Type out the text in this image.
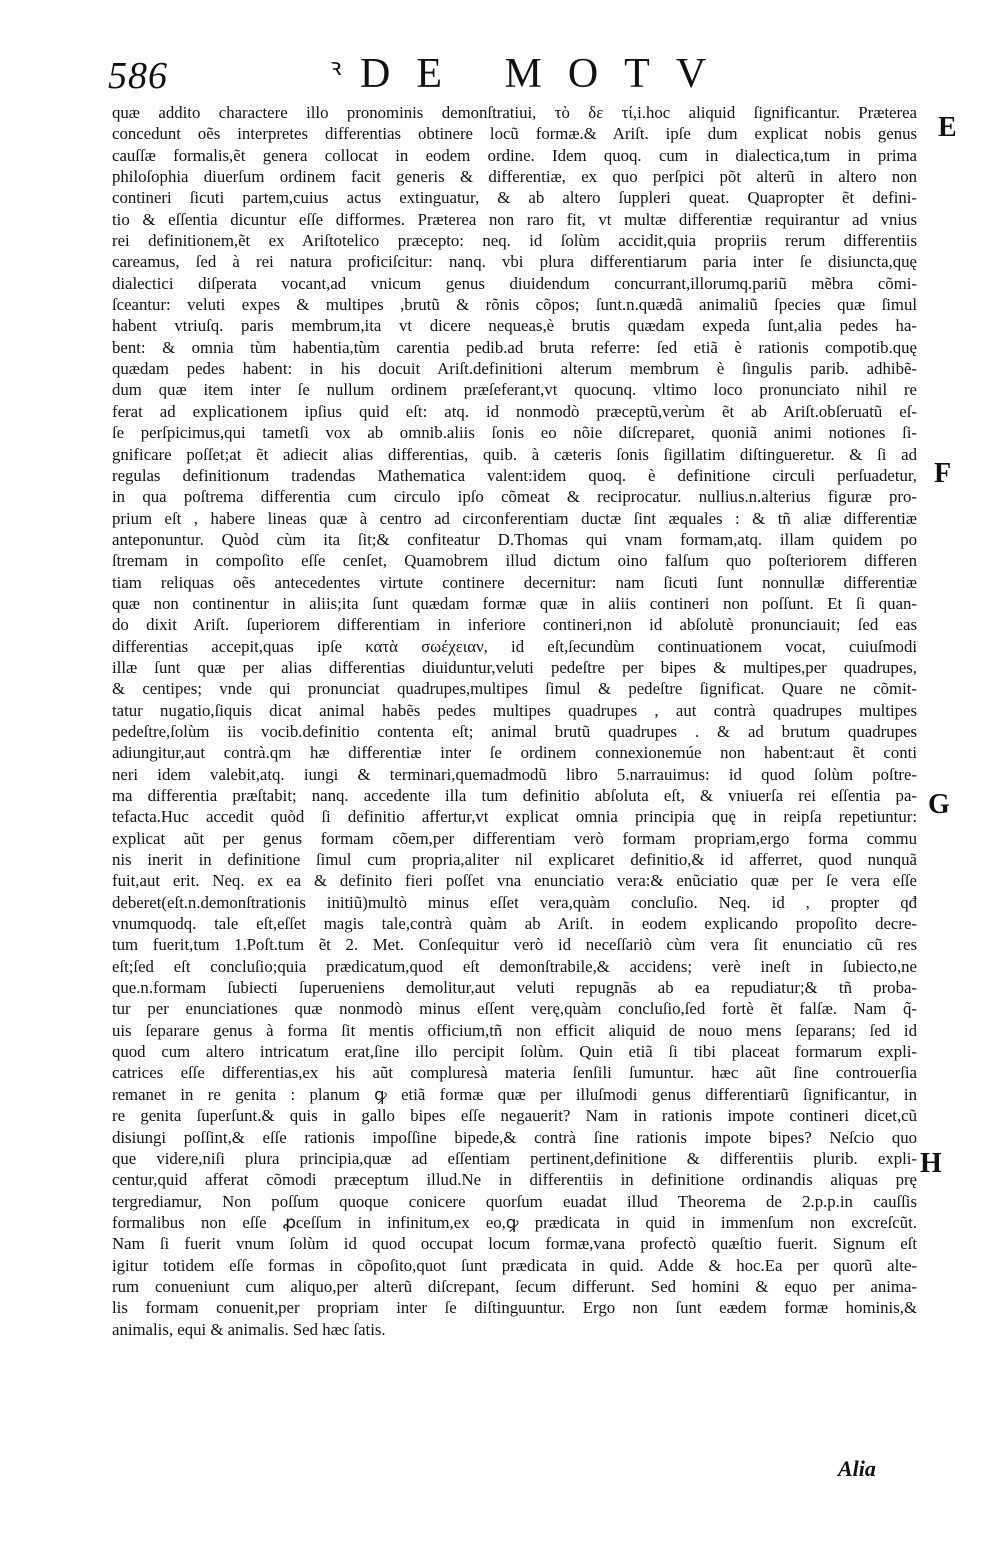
586	ꝛ DE MOTV
quæ addito charactere illo pronominis demonſtratiui, τὸ δε τί,i.hoc aliquid ſignificantur. Præterea
concedunt oẽs interpretes differentias obtinere locũ formæ.& Ariſt. ipſe dum explicat nobis genus
cauſſæ formalis,ẽt genera collocat in eodem ordine. Idem quoq. cum in dialectica,tum in prima
philoſophia diuerſum ordinem facit generis & differentiæ, ex quo perſpici põt alterũ in altero non
contineri ſicuti partem,cuius actus extinguatur, & ab altero ſuppleri queat. Quapropter ẽt defini-
tio & eſſentia dicuntur eſſe difformes. Præterea non raro fit, vt multæ differentiæ requirantur ad vnius
rei definitionem,ẽt ex Ariſtotelico præcepto: neq. id ſolùm accidit,quia propriis rerum differentiis
careamus, ſed à rei natura proficiſcitur: nanq. vbi plura differentiarum paria inter ſe disiuncta,quę
dialectici diſperata vocant,ad vnicum genus diuidendum concurrant,illorumq.pariũ mẽbra cõmi-
ſceantur: veluti expes & multipes ,brutũ & rõnis cõpos; ſunt.n.quædã animaliũ ſpecies quæ ſimul
habent vtriuſq. paris membrum,ita vt dicere nequeas,è brutis quædam expeda ſunt,alia pedes ha-
bent: & omnia tùm habentia,tùm carentia pedib.ad bruta referre: ſed etiã è rationis compotib.quę
quædam pedes habent: in his docuit Ariſt.definitioni alterum membrum è ſingulis parib. adhibẽ-
dum quæ item inter ſe nullum ordinem præſeferant,vt quocunq. vltimo loco pronunciato nihil re
ferat ad explicationem ipſius quid eſt: atq. id nonmodò præceptũ,verùm ẽt ab Ariſt.obſeruatũ eſ-
ſe perſpicimus,qui tametſi vox ab omnib.aliis ſonis eo nõie diſcreparet, quoniã animi notiones ſi-
gnificare poſſet;at ẽt adiecit alias differentias, quib. à cæteris ſonis ſigillatim diſtingueretur. & ſi ad
regulas definitionum tradendas Mathematica valent:idem quoq. è definitione circuli perſuadetur,
in qua poſtrema differentia cum circulo ipſo cõmeat & reciprocatur. nullius.n.alterius figuræ pro-
prium eſt , habere lineas quæ à centro ad circonferentiam ductæ ſint æquales : & tñ aliæ differentiæ
anteponuntur. Quòd cùm ita ſit;& confiteatur D.Thomas qui vnam formam,atq. illam quidem po
ſtremam in compoſito eſſe cenſet, Quamobrem illud dictum oino falſum quo poſteriorem differen
tiam reliquas oẽs antecedentes virtute continere decernitur: nam ſicuti ſunt nonnullæ differentiæ
quæ non continentur in aliis;ita ſunt quædam formæ quæ in aliis contineri non poſſunt. Et ſi quan-
do dixit Ariſt. ſuperiorem differentiam in inferiore contineri,non id abſolutè pronunciauit; ſed eas
differentias accepit,quas ipſe κατὰ σωέχειαν, id eſt,ſecundùm continuationem vocat, cuiuſmodi
illæ ſunt quæ per alias differentias diuiduntur,veluti pedeſtre per bipes & multipes,per quadrupes,
& centipes; vnde qui pronunciat quadrupes,multipes ſimul & pedeſtre ſignificat. Quare ne cõmit-
tatur nugatio,ſiquis dicat animal habẽs pedes multipes quadrupes , aut contrà quadrupes multipes
pedeſtre,ſolùm iis vocib.definitio contenta eſt; animal brutũ quadrupes . & ad brutum quadrupes
adiungitur,aut contrà.qm hæ differentiæ inter ſe ordinem connexionemúe non habent:aut ẽt conti
neri idem valebit,atq. iungi & terminari,quemadmodũ libro 5.narrauimus: id quod ſolùm poſtre-
ma differentia præſtabit; nanq. accedente illa tum definitio abſoluta eſt, & vniuerſa rei eſſentia pa-
tefacta.Huc accedit quòd ſi definitio affertur,vt explicat omnia principia quę in reipſa repetiuntur:
explicat aũt per genus formam cõem,per differentiam verò formam propriam,ergo forma commu
nis inerit in definitione ſimul cum propria,aliter nil explicaret definitio,& id afferret, quod nunquã
fuit,aut erit. Neq. ex ea & definito fieri poſſet vna enunciatio vera:& enũciatio quæ per ſe vera eſſe
deberet(eſt.n.demonſtrationis initiũ)multò minus eſſet vera,quàm concluſio. Neq. id , propter qđ
vnumquodq. tale eſt,eſſet magis tale,contrà quàm ab Ariſt. in eodem explicando propoſito decre-
tum fuerit,tum 1.Poſt.tum ẽt 2. Met. Conſequitur verò id neceſſariò cùm vera ſit enunciatio cũ res
eſt;ſed eſt concluſio;quia prædicatum,quod eſt demonſtrabile,& accidens; verè ineſt in ſubiecto,ne
que.n.formam ſubiecti ſuperueniens demolitur,aut veluti repugnãs ab ea repudiatur;& tñ proba-
tur per enunciationes quæ nonmodò minus eſſent verę,quàm concluſio,ſed fortè ẽt falſæ. Nam q̃-
uis ſeparare genus à forma ſit mentis officium,tñ non efficit aliquid de nouo mens ſeparans; ſed id
quod cum altero intricatum erat,ſine illo percipit ſolùm. Quin etiã ſi tibi placeat formarum expli-
catrices eſſe differentias,ex his aũt compluresà materia ſenſili ſumuntur. hæc aũt ſine controuerſia
remanet in re genita : planum ꝙ etiã formæ quæ per illuſmodi genus differentiarũ ſignificantur, in
re genita ſuperſunt.& quis in gallo bipes eſſe negauerit? Nam in rationis impote contineri dicet,cũ
disiungi poſſint,& eſſe rationis impoſſine bipede,& contrà ſine rationis impote bipes? Neſcio quo
que videre,niſi plura principia,quæ ad eſſentiam pertinent,definitione & differentiis plurib. expli-
centur,quid afferat cõmodi præceptum illud.Ne in differentiis in definitione ordinandis aliquas prę
tergrediamur, Non poſſum quoque conicere quorſum euadat illud Theorema de 2.p.p.in cauſſis
formalibus non eſſe ꝓceſſum in infinitum,ex eo,ꝙ prædicata in quid in immenſum non excreſcũt.
Nam ſi fuerit vnum ſolùm id quod occupat locum formæ,vana profectò quæſtio fuerit. Signum eſt
igitur totidem eſſe formas in cõpoſito,quot ſunt prædicata in quid. Adde & hoc.Ea per quorũ alte-
rum conueniunt cum aliquo,per alterũ diſcrepant, ſecum differunt. Sed homini & equo per anima-
lis formam conuenit,per propriam inter ſe diſtinguuntur. Ergo non ſunt eædem formæ hominis,&
animalis, equi & animalis. Sed hæc ſatis.
E
F
G
H
Alia
